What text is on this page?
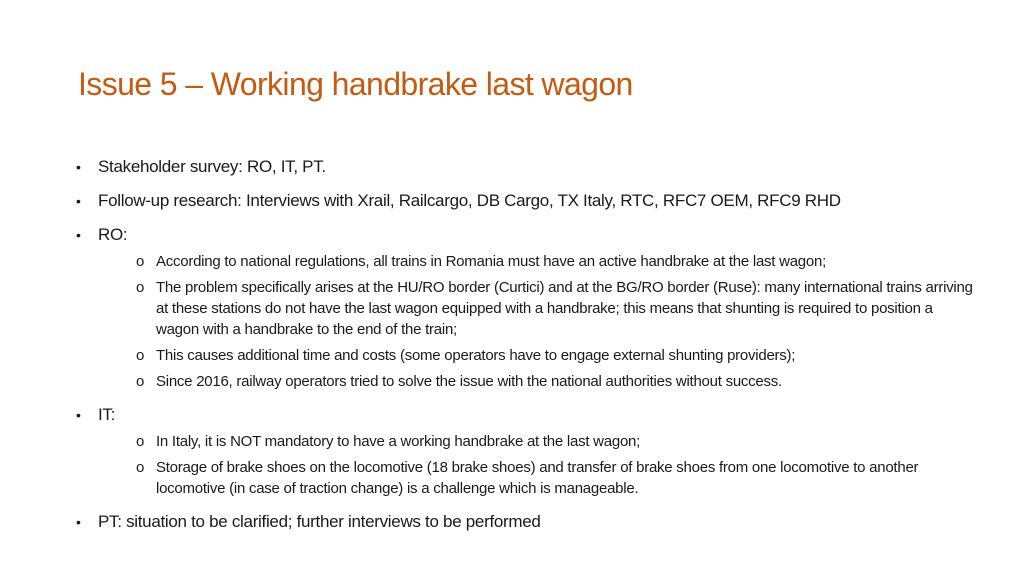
Issue 5 – Working handbrake last wagon
• Stakeholder survey: RO, IT, PT.
• Follow-up research: Interviews with Xrail, Railcargo, DB Cargo, TX Italy, RTC, RFC7 OEM, RFC9 RHD
• RO:
o According to national regulations, all trains in Romania must have an active handbrake at the last wagon;
o The problem specifically arises at the HU/RO border (Curtici) and at the BG/RO border (Ruse): many international trains arriving at these stations do not have the last wagon equipped with a handbrake; this means that shunting is required to position a wagon with a handbrake to the end of the train;
o This causes additional time and costs (some operators have to engage external shunting providers);
o Since 2016, railway operators tried to solve the issue with the national authorities without success.
• IT:
o In Italy, it is NOT mandatory to have a working handbrake at the last wagon;
o Storage of brake shoes on the locomotive (18 brake shoes) and transfer of brake shoes from one locomotive to another locomotive (in case of traction change) is a challenge which is manageable.
• PT: situation to be clarified; further interviews to be performed
